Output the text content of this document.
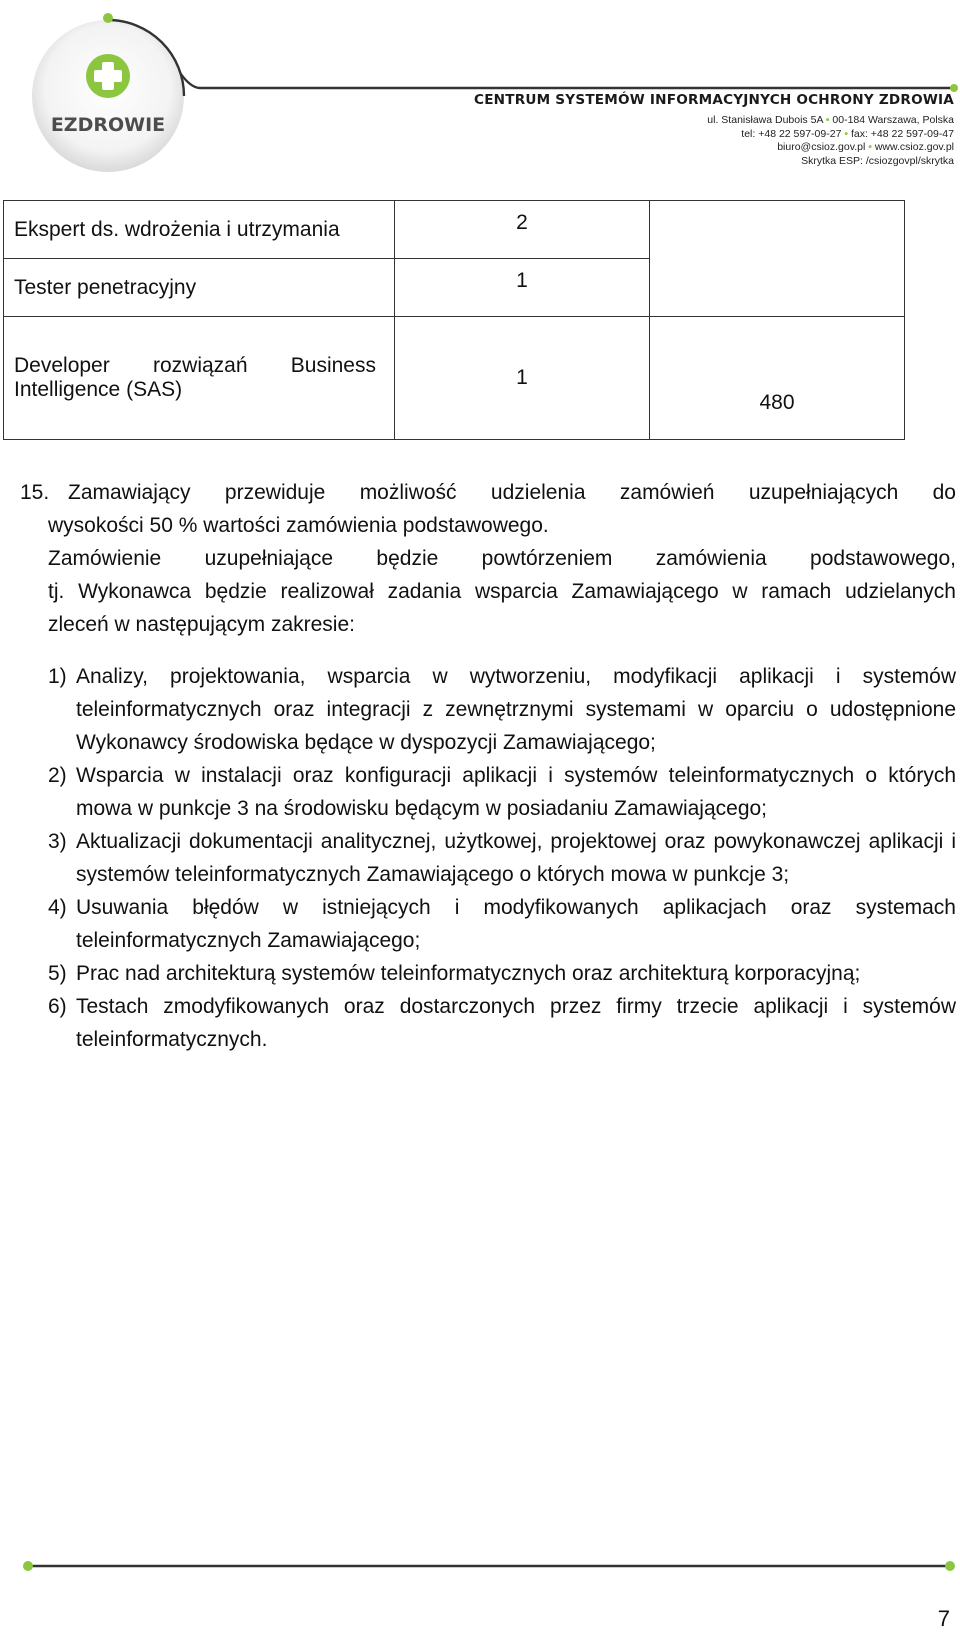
EZDROWIE
CENTRUM SYSTEMÓW INFORMACYJNYCH OCHRONY ZDROWIA
ul. Stanisława Dubois 5A • 00-184 Warszawa, Polska
tel: +48 22 597-09-27 • fax: +48 22 597-09-47
biuro@csioz.gov.pl • www.csioz.gov.pl
Skrytka ESP: /csiozgovpl/skrytka
Ekspert ds. wdrożenia i utrzymania	2	

Tester penetracyjny	1	

Developer rozwiązań Business
Intelligence (SAS)	1	480

15. Zamawiający przewiduje możliwość udzielenia zamówień uzupełniających do

wysokości 50 % wartości zamówienia podstawowego.

Zamówienie uzupełniające będzie powtórzeniem zamówienia podstawowego,

tj. Wykonawca będzie realizował zadania wsparcia Zamawiającego w ramach udzielanych

zleceń w następującym zakresie:

1) Analizy, projektowania, wsparcia w wytworzeniu, modyfikacji aplikacji i systemów teleinformatycznych oraz integracji z zewnętrznymi systemami w oparciu o udostępnione Wykonawcy środowiska będące w dyspozycji Zamawiającego;
2) Wsparcia w instalacji oraz konfiguracji aplikacji i systemów teleinformatycznych o których mowa w punkcje 3 na środowisku będącym w posiadaniu Zamawiającego;
3) Aktualizacji dokumentacji analitycznej, użytkowej, projektowej oraz powykonawczej aplikacji i systemów teleinformatycznych Zamawiającego o których mowa w punkcje 3;
4) Usuwania błędów w istniejących i modyfikowanych aplikacjach oraz systemach teleinformatycznych Zamawiającego;
5) Prac nad architekturą systemów teleinformatycznych oraz architekturą korporacyjną;
6) Testach zmodyfikowanych oraz dostarczonych przez firmy trzecie aplikacji i systemów teleinformatycznych.
7
